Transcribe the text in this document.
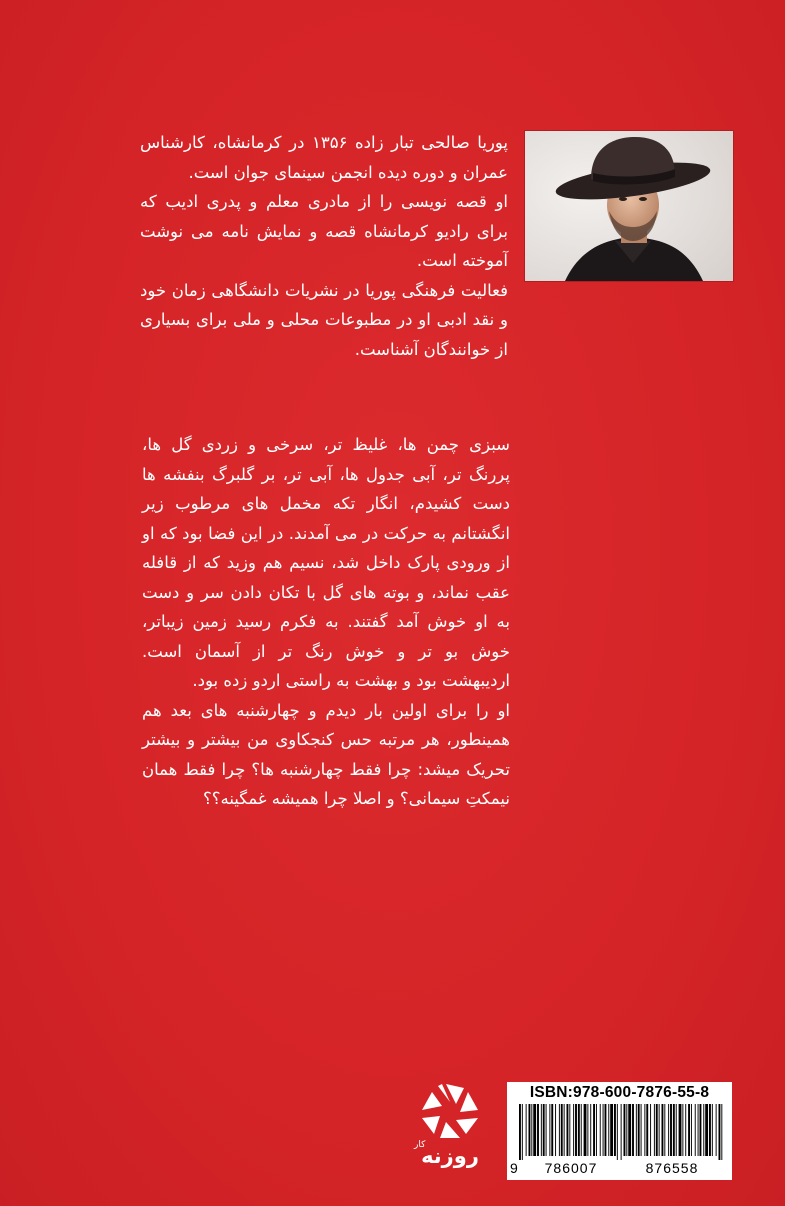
پوریا صالحی تبار زاده ۱۳۵۶ در کرمانشاه، کارشناس عمران و دوره دیده انجمن سینمای جوان است.

او قصه نویسی را از مادری معلم و پدری ادیب که برای رادیو کرمانشاه قصه و نمایش نامه می نوشت آموخته است.

فعالیت فرهنگی پوریا در نشریات دانشگاهی زمان خود و نقد ادبی او در مطبوعات محلی و ملی برای بسیاری از خوانندگان آشناست.

سبزی چمن ها، غلیظ تر، سرخی و زردی گل ها، پررنگ تر، آبی جدول ها، آبی تر، بر گلبرگ بنفشه ها دست کشیدم، انگار تکه مخمل های مرطوب زیر انگشتانم به حرکت در می آمدند. در این فضا بود که او از ورودی پارک داخل شد، نسیم هم وزید که از قافله عقب نماند، و بوته های گل با تکان دادن سر و دست به او خوش آمد گفتند. به فکرم رسید زمین زیباتر، خوش بو تر و خوش رنگ تر از آسمان است. اردیبهشت بود و بهشت به راستی اردو زده بود.

او را برای اولین بار دیدم و چهارشنبه های بعد هم همینطور، هر مرتبه حس کنجکاوی من بیشتر و بیشتر تحریک میشد: چرا فقط چهارشنبه ها؟ چرا فقط همان نیمکتِ سیمانی؟ و اصلا چرا همیشه غمگینه؟؟

کار
روزنه
ISBN:978-600-7876-55-8
9	786007	876558
